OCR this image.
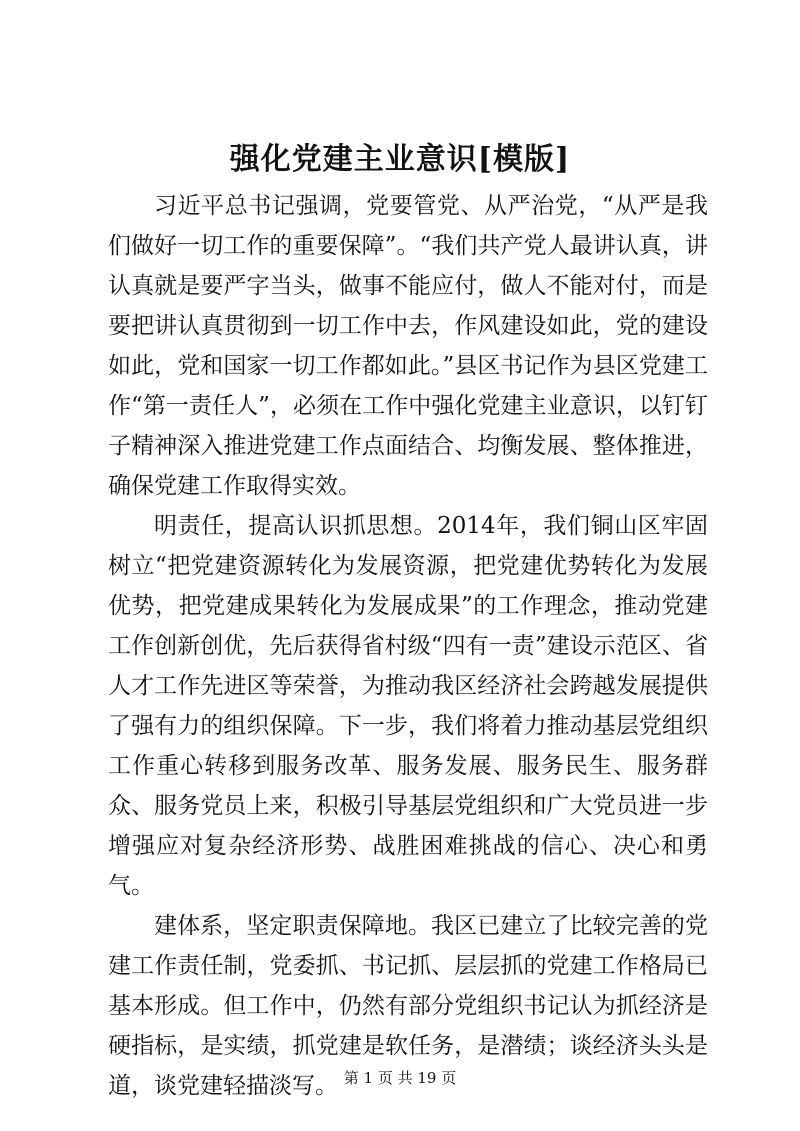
强化党建主业意识[模版]

习近平总书记强调，党要管党、从严治党，“从严是我们做好一切工作的重要保障”。“我们共产党人最讲认真，讲认真就是要严字当头，做事不能应付，做人不能对付，而是要把讲认真贯彻到一切工作中去，作风建设如此，党的建设如此，党和国家一切工作都如此。”县区书记作为县区党建工作“第一责任人”，必须在工作中强化党建主业意识，以钉钉子精神深入推进党建工作点面结合、均衡发展、整体推进，确保党建工作取得实效。

明责任，提高认识抓思想。2014年，我们铜山区牢固树立“把党建资源转化为发展资源，把党建优势转化为发展优势，把党建成果转化为发展成果”的工作理念，推动党建工作创新创优，先后获得省村级“四有一责”建设示范区、省人才工作先进区等荣誉，为推动我区经济社会跨越发展提供了强有力的组织保障。下一步，我们将着力推动基层党组织工作重心转移到服务改革、服务发展、服务民生、服务群众、服务党员上来，积极引导基层党组织和广大党员进一步增强应对复杂经济形势、战胜困难挑战的信心、决心和勇气。

建体系，坚定职责保障地。我区已建立了比较完善的党建工作责任制，党委抓、书记抓、层层抓的党建工作格局已基本形成。但工作中，仍然有部分党组织书记认为抓经济是硬指标，是实绩，抓党建是软任务，是潜绩；谈经济头头是道，谈党建轻描淡写。 第 1 页 共 19 页
